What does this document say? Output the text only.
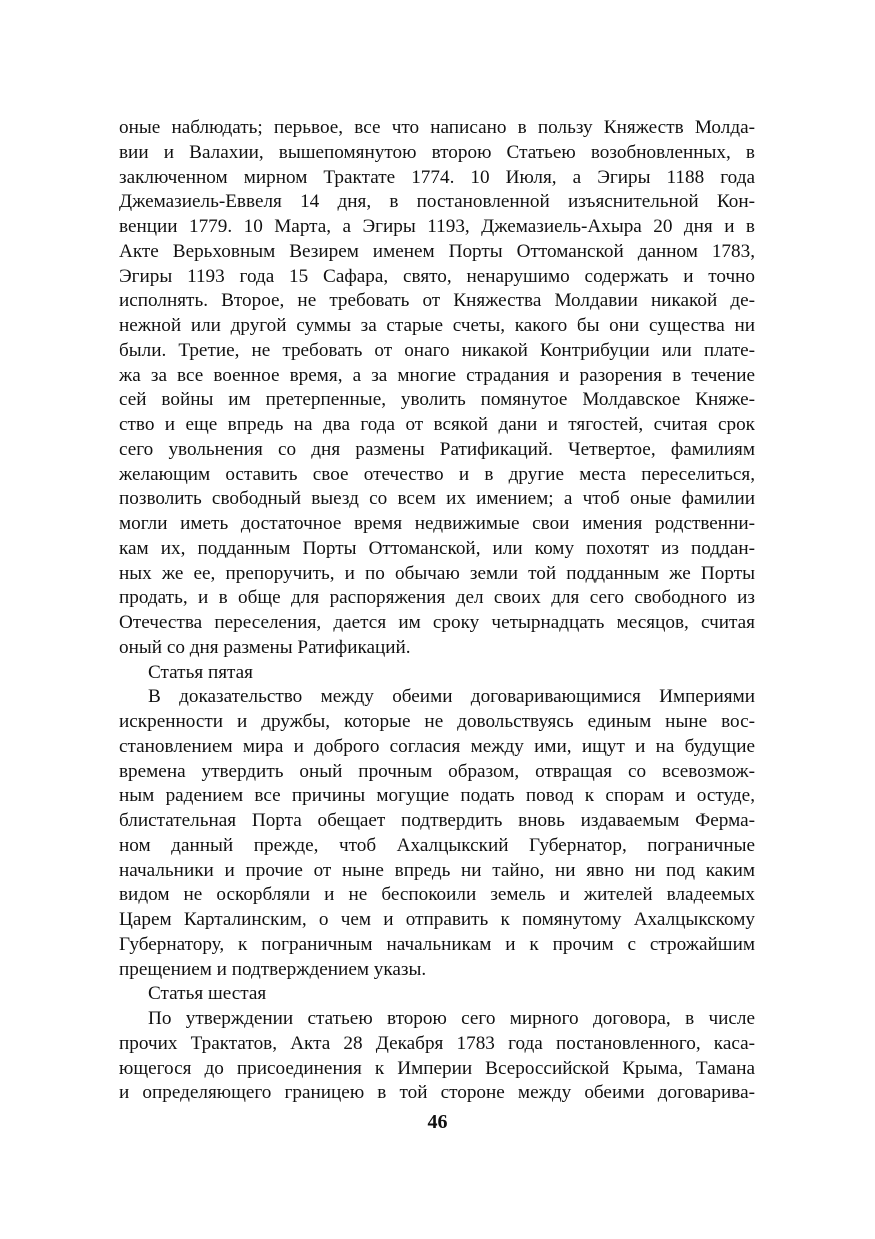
оные наблюдать; перьвое, все что написано в пользу Княжеств Молда-
вии и Валахии, вышепомянутою второю Статьею возобновленных, в
заключенном мирном Трактате 1774. 10 Июля, а Эгиры 1188 года
Джемазиель-Еввеля 14 дня, в постановленной изъяснительной Кон-
венции 1779. 10 Марта, а Эгиры 1193, Джемазиель-Ахыра 20 дня и в
Акте Верьховным Везирем именем Порты Оттоманской данном 1783,
Эгиры 1193 года 15 Сафара, свято, ненарушимо содержать и точно
исполнять. Второе, не требовать от Княжества Молдавии никакой де-
нежной или другой суммы за старые счеты, какого бы они существа ни
были. Третие, не требовать от онаго никакой Контрибуции или плате-
жа за все военное время, а за многие страдания и разорения в течение
сей войны им претерпенные, уволить помянутое Молдавское Княже-
ство и еще впредь на два года от всякой дани и тягостей, считая срок
сего увольнения со дня размены Ратификаций. Четвертое, фамилиям
желающим оставить свое отечество и в другие места переселиться,
позволить свободный выезд со всем их имением; а чтоб оные фамилии
могли иметь достаточное время недвижимые свои имения родственни-
кам их, подданным Порты Оттоманской, или кому похотят из поддан-
ных же ее, препоручить, и по обычаю земли той подданным же Порты
продать, и в обще для распоряжения дел своих для сего свободного из
Отечества переселения, дается им сроку четырнадцать месяцов, считая
оный со дня размены Ратификаций.
Статья пятая
В доказательство между обеими договаривающимися Империями
искренности и дружбы, которые не довольствуясь единым ныне вос-
становлением мира и доброго согласия между ими, ищут и на будущие
времена утвердить оный прочным образом, отвращая со всевозмож-
ным радением все причины могущие подать повод к спорам и остуде,
блистательная Порта обещает подтвердить вновь издаваемым Ферма-
ном данный прежде, чтоб Ахалцыкский Губернатор, пограничные
начальники и прочие от ныне впредь ни тайно, ни явно ни под каким
видом не оскорбляли и не беспокоили земель и жителей владеемых
Царем Карталинским, о чем и отправить к помянутому Ахалцыкскому
Губернатору, к пограничным начальникам и к прочим с строжайшим
прещением и подтверждением указы.
Статья шестая
По утверждении статьею второю сего мирного договора, в числе
прочих Трактатов, Акта 28 Декабря 1783 года постановленного, каса-
ющегося до присоединения к Империи Всероссийской Крыма, Тамана
и определяющего границею в той стороне между обеими договарива-
46
